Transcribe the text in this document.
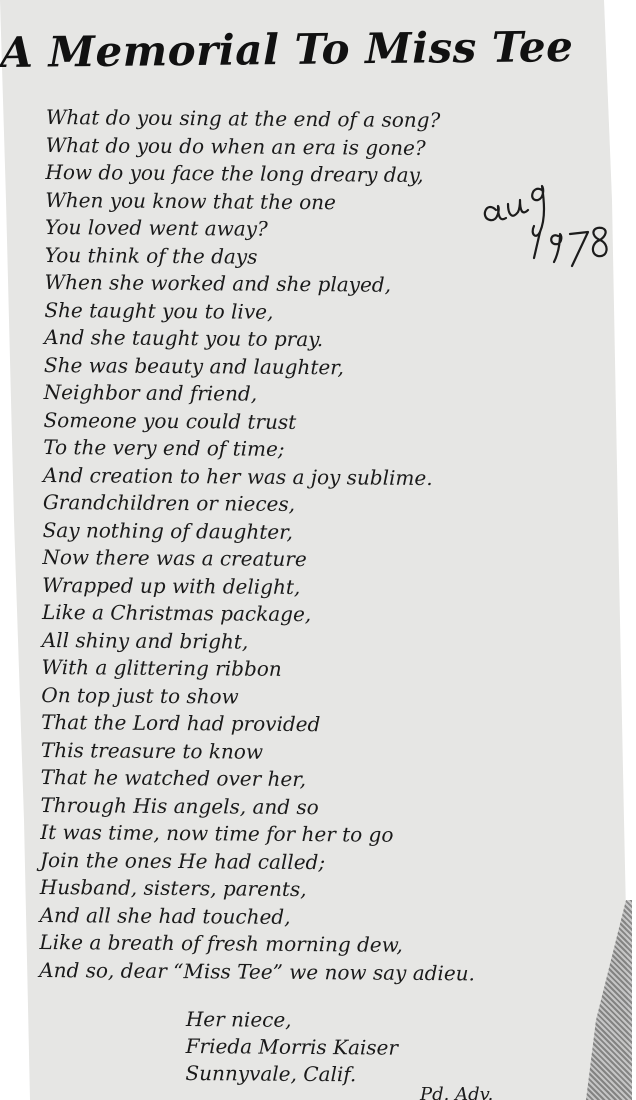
A Memorial To Miss Tee
What do you sing at the end of a song?
What do you do when an era is gone?
How do you face the long dreary day,
When you know that the one
You loved went away?
You think of the days
When she worked and she played,
She taught you to live,
And she taught you to pray.
She was beauty and laughter,
Neighbor and friend,
Someone you could trust
To the very end of time;
And creation to her was a joy sublime.
Grandchildren or nieces,
Say nothing of daughter,
Now there was a creature
Wrapped up with delight,
Like a Christmas package,
All shiny and bright,
With a glittering ribbon
On top just to show
That the Lord had provided
This treasure to know
That he watched over her,
Through His angels, and so
It was time, now time for her to go
Join the ones He had called;
Husband, sisters, parents,
And all she had touched,
Like a breath of fresh morning dew,
And so, dear “Miss Tee” we now say adieu.
Her niece,
Frieda Morris Kaiser
Sunnyvale, Calif.
Pd. Adv.
